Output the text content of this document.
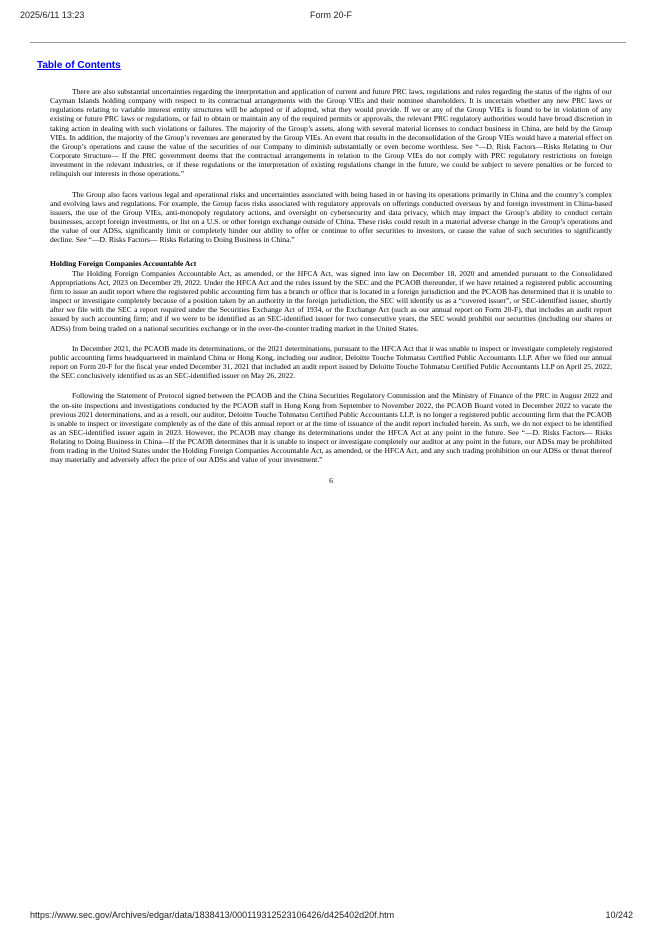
2025/6/11 13:23	Form 20-F
Table of Contents

There are also substantial uncertainties regarding the interpretation and application of current and future PRC laws, regulations and rules regarding the status of the rights of our Cayman Islands holding company with respect to its contractual arrangements with the Group VIEs and their nominee shareholders. It is uncertain whether any new PRC laws or regulations relating to variable interest entity structures will be adopted or if adopted, what they would provide. If we or any of the Group VIEs is found to be in violation of any existing or future PRC laws or regulations, or fail to obtain or maintain any of the required permits or approvals, the relevant PRC regulatory authorities would have broad discretion in taking action in dealing with such violations or failures. The majority of the Group’s assets, along with several material licenses to conduct business in China, are held by the Group VIEs. In addition, the majority of the Group’s revenues are generated by the Group VIEs. An event that results in the deconsolidation of the Group VIEs would have a material effect on the Group’s operations and cause the value of the securities of our Company to diminish substantially or even become worthless. See “—D. Risk Factors—Risks Relating to Our Corporate Structure— If the PRC government deems that the contractual arrangements in relation to the Group VIEs do not comply with PRC regulatory restrictions on foreign investment in the relevant industries, or if these regulations or the interpretation of existing regulations change in the future, we could be subject to severe penalties or be forced to relinquish our interests in those operations.”

The Group also faces various legal and operational risks and uncertainties associated with being based in or having its operations primarily in China and the country’s complex and evolving laws and regulations. For example, the Group faces risks associated with regulatory approvals on offerings conducted overseas by and foreign investment in China-based issuers, the use of the Group VIEs, anti-monopoly regulatory actions, and oversight on cybersecurity and data privacy, which may impact the Group’s ability to conduct certain businesses, accept foreign investments, or list on a U.S. or other foreign exchange outside of China. These risks could result in a material adverse change in the Group’s operations and the value of our ADSs, significantly limit or completely hinder our ability to offer or continue to offer securities to investors, or cause the value of such securities to significantly decline. See “—D. Risks Factors— Risks Relating to Doing Business in China.”

Holding Foreign Companies Accountable Act

The Holding Foreign Companies Accountable Act, as amended, or the HFCA Act, was signed into law on December 18, 2020 and amended pursuant to the Consolidated Appropriations Act, 2023 on December 29, 2022. Under the HFCA Act and the rules issued by the SEC and the PCAOB thereunder, if we have retained a registered public accounting firm to issue an audit report where the registered public accounting firm has a branch or office that is located in a foreign jurisdiction and the PCAOB has determined that it is unable to inspect or investigate completely because of a position taken by an authority in the foreign jurisdiction, the SEC will identify us as a “covered issuer”, or SEC-identified issuer, shortly after we file with the SEC a report required under the Securities Exchange Act of 1934, or the Exchange Act (such as our annual report on Form 20-F), that includes an audit report issued by such accounting firm; and if we were to be identified as an SEC-identified issuer for two consecutive years, the SEC would prohibit our securities (including our shares or ADSs) from being traded on a national securities exchange or in the over-the-counter trading market in the United States.

In December 2021, the PCAOB made its determinations, or the 2021 determinations, pursuant to the HFCA Act that it was unable to inspect or investigate completely registered public accounting firms headquartered in mainland China or Hong Kong, including our auditor, Deloitte Touche Tohmatsu Certified Public Accountants LLP. After we filed our annual report on Form 20-F for the fiscal year ended December 31, 2021 that included an audit report issued by Deloitte Touche Tohmatsu Certified Public Accountants LLP on April 25, 2022, the SEC conclusively identified us as an SEC-identified issuer on May 26, 2022.

Following the Statement of Protocol signed between the PCAOB and the China Securities Regulatory Commission and the Ministry of Finance of the PRC in August 2022 and the on-site inspections and investigations conducted by the PCAOB staff in Hong Kong from September to November 2022, the PCAOB Board voted in December 2022 to vacate the previous 2021 determinations, and as a result, our auditor, Deloitte Touche Tohmatsu Certified Public Accountants LLP, is no longer a registered public accounting firm that the PCAOB is unable to inspect or investigate completely as of the date of this annual report or at the time of issuance of the audit report included herein. As such, we do not expect to be identified as an SEC-identified issuer again in 2023. However, the PCAOB may change its determinations under the HFCA Act at any point in the future. See “—D. Risks Factors— Risks Relating to Doing Business in China—If the PCAOB determines that it is unable to inspect or investigate completely our auditor at any point in the future, our ADSs may be prohibited from trading in the United States under the Holding Foreign Companies Accountable Act, as amended, or the HFCA Act, and any such trading prohibition on our ADSs or threat thereof may materially and adversely affect the price of our ADSs and value of your investment.”

6

https://www.sec.gov/Archives/edgar/data/1838413/000119312523106426/d425402d20f.htm	10/242
